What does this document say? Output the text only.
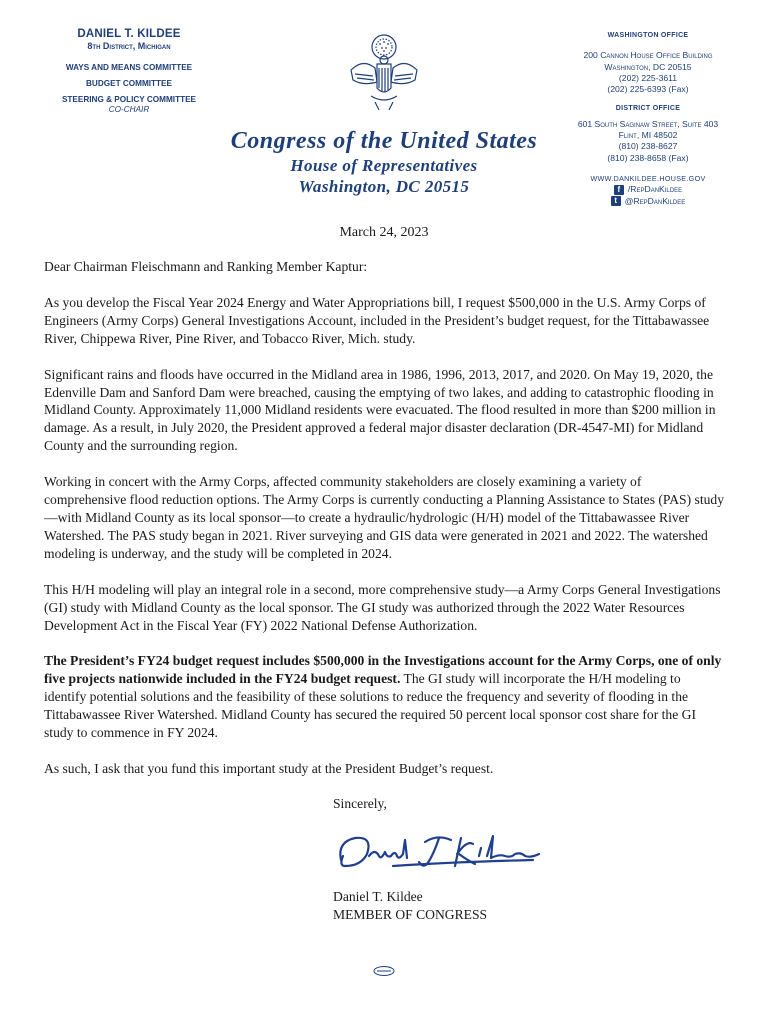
DANIEL T. KILDEE
8th District, Michigan
WAYS AND MEANS COMMITTEE
BUDGET COMMITTEE
STEERING & POLICY COMMITTEE
CO-CHAIR
Congress of the United States
House of Representatives
Washington, DC 20515
WASHINGTON OFFICE
200 Cannon House Office Building
Washington, DC 20515
(202) 225-3611
(202) 225-6393 (Fax)
DISTRICT OFFICE
601 South Saginaw Street, Suite 403
Flint, MI 48502
(810) 238-8627
(810) 238-8658 (Fax)
WWW.DANKILDEE.HOUSE.GOV
f /RepDanKildee
t @RepDanKildee
March 24, 2023

Dear Chairman Fleischmann and Ranking Member Kaptur:

As you develop the Fiscal Year 2024 Energy and Water Appropriations bill, I request $500,000 in the U.S. Army Corps of Engineers (Army Corps) General Investigations Account, included in the President’s budget request, for the Tittabawassee River, Chippewa River, Pine River, and Tobacco River, Mich. study.

Significant rains and floods have occurred in the Midland area in 1986, 1996, 2013, 2017, and 2020. On May 19, 2020, the Edenville Dam and Sanford Dam were breached, causing the emptying of two lakes, and adding to catastrophic flooding in Midland County. Approximately 11,000 Midland residents were evacuated. The flood resulted in more than $200 million in damage. As a result, in July 2020, the President approved a federal major disaster declaration (DR-4547-MI) for Midland County and the surrounding region.

Working in concert with the Army Corps, affected community stakeholders are closely examining a variety of comprehensive flood reduction options. The Army Corps is currently conducting a Planning Assistance to States (PAS) study—with Midland County as its local sponsor—to create a hydraulic/hydrologic (H/H) model of the Tittabawassee River Watershed. The PAS study began in 2021. River surveying and GIS data were generated in 2021 and 2022. The watershed modeling is underway, and the study will be completed in 2024.

This H/H modeling will play an integral role in a second, more comprehensive study—a Army Corps General Investigations (GI) study with Midland County as the local sponsor. The GI study was authorized through the 2022 Water Resources Development Act in the Fiscal Year (FY) 2022 National Defense Authorization.

The President’s FY24 budget request includes $500,000 in the Investigations account for the Army Corps, one of only five projects nationwide included in the FY24 budget request. The GI study will incorporate the H/H modeling to identify potential solutions and the feasibility of these solutions to reduce the frequency and severity of flooding in the Tittabawassee River Watershed. Midland County has secured the required 50 percent local sponsor cost share for the GI study to commence in FY 2024.

As such, I ask that you fund this important study at the President Budget’s request.

Sincerely,
Daniel T. Kildee
MEMBER OF CONGRESS
